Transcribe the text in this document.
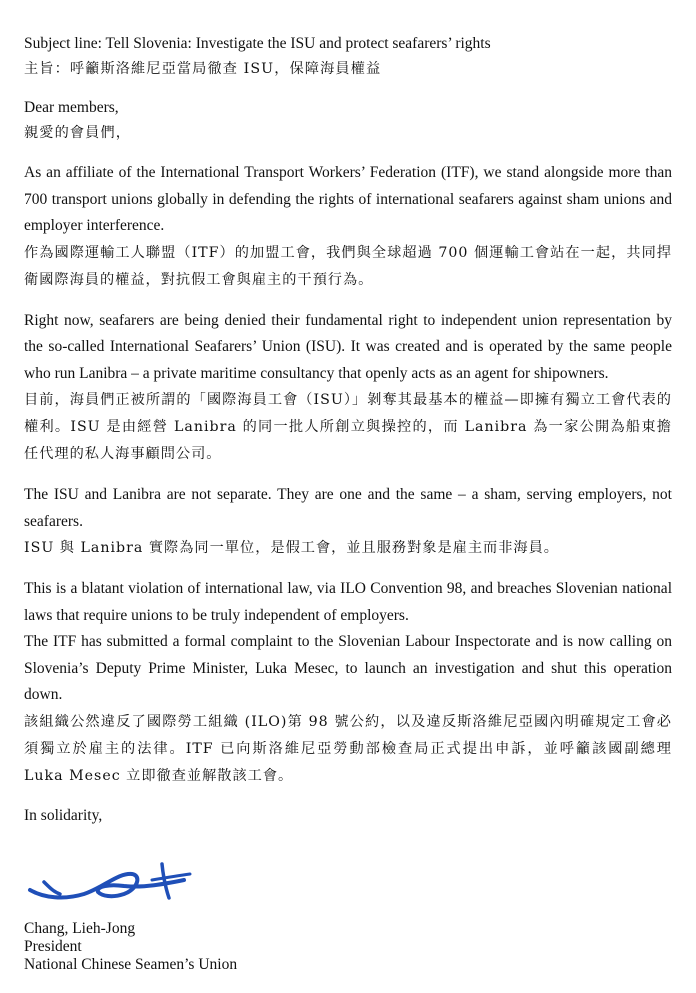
Subject line: Tell Slovenia: Investigate the ISU and protect seafarers’ rights
主旨：呼籲斯洛維尼亞當局徹查 ISU，保障海員權益
Dear members,
親愛的會員們，

As an affiliate of the International Transport Workers’ Federation (ITF), we stand alongside more than 700 transport unions globally in defending the rights of international seafarers against sham unions and employer interference.

作為國際運輸工人聯盟（ITF）的加盟工會，我們與全球超過 700 個運輸工會站在一起，共同捍衛國際海員的權益，對抗假工會與雇主的干預行為。

Right now, seafarers are being denied their fundamental right to independent union representation by the so-called International Seafarers’ Union (ISU). It was created and is operated by the same people who run Lanibra – a private maritime consultancy that openly acts as an agent for shipowners.

目前，海員們正被所謂的「國際海員工會（ISU）」剝奪其最基本的權益—即擁有獨立工會代表的權利。ISU 是由經營 Lanibra 的同一批人所創立與操控的，而 Lanibra 為一家公開為船東擔任代理的私人海事顧問公司。

The ISU and Lanibra are not separate. They are one and the same – a sham, serving employers, not seafarers.

ISU 與 Lanibra 實際為同一單位，是假工會，並且服務對象是雇主而非海員。

This is a blatant violation of international law, via ILO Convention 98, and breaches Slovenian national laws that require unions to be truly independent of employers.

The ITF has submitted a formal complaint to the Slovenian Labour Inspectorate and is now calling on Slovenia’s Deputy Prime Minister, Luka Mesec, to launch an investigation and shut this operation down.

該組織公然違反了國際勞工組織 (ILO)第 98 號公約，以及違反斯洛維尼亞國內明確規定工會必須獨立於雇主的法律。ITF 已向斯洛維尼亞勞動部檢查局正式提出申訴，並呼籲該國副總理 Luka Mesec 立即徹查並解散該工會。

In solidarity,
Chang, Lieh-Jong
President
National Chinese Seamen’s Union
